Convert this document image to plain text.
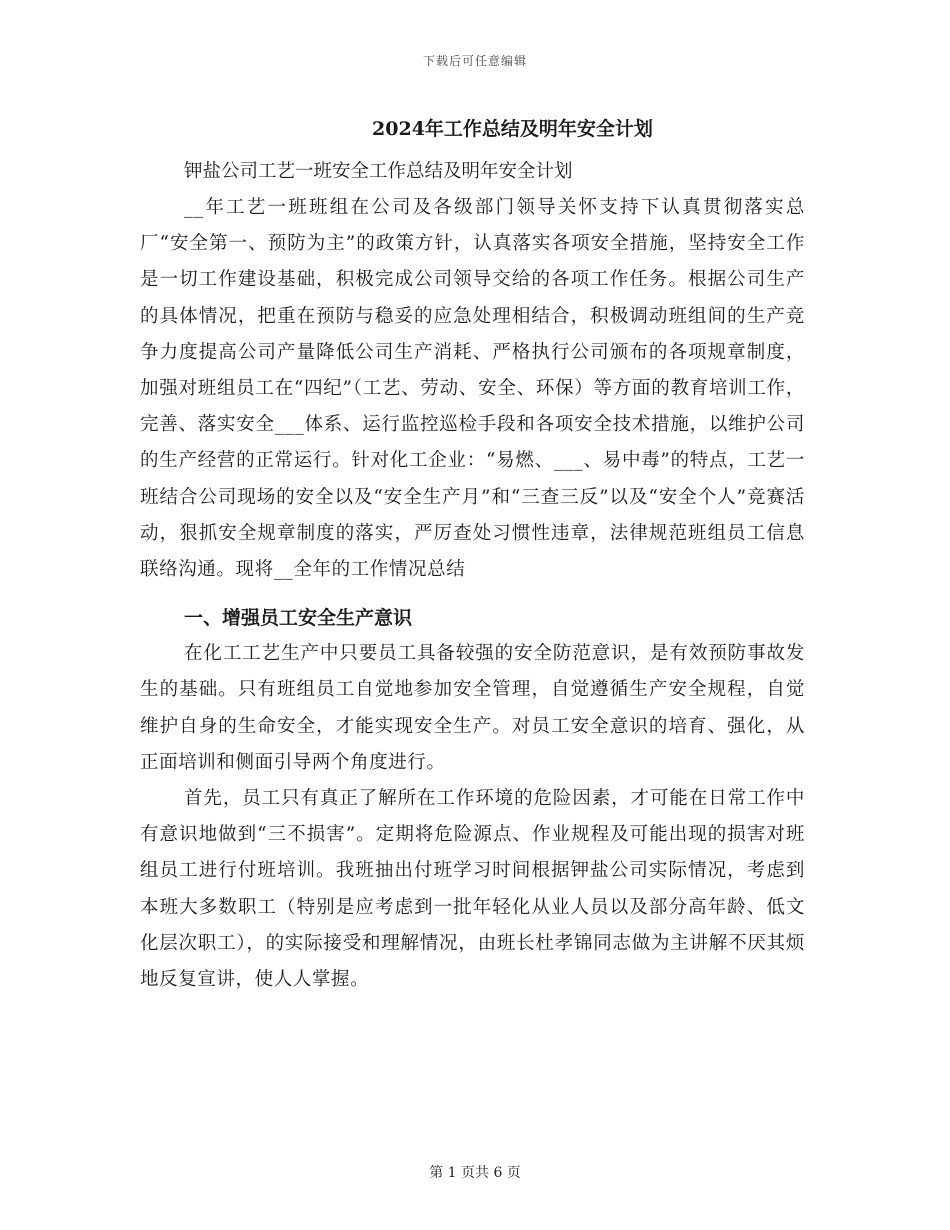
下载后可任意编辑
2024年工作总结及明年安全计划

钾盐公司工艺一班安全工作总结及明年安全计划

__年工艺一班班组在公司及各级部门领导关怀支持下认真贯彻落实总厂“安全第一、预防为主”的政策方针，认真落实各项安全措施，坚持安全工作是一切工作建设基础，积极完成公司领导交给的各项工作任务。根据公司生产的具体情况，把重在预防与稳妥的应急处理相结合，积极调动班组间的生产竞争力度提高公司产量降低公司生产消耗、严格执行公司颁布的各项规章制度，加强对班组员工在“四纪”（工艺、劳动、安全、环保）等方面的教育培训工作，完善、落实安全___体系、运行监控巡检手段和各项安全技术措施，以维护公司的生产经营的正常运行。针对化工企业：“易燃、___、易中毒”的特点，工艺一班结合公司现场的安全以及“安全生产月”和“三查三反”以及“安全个人”竞赛活动，狠抓安全规章制度的落实，严厉查处习惯性违章，法律规范班组员工信息联络沟通。现将__全年的工作情况总结

一、增强员工安全生产意识

在化工工艺生产中只要员工具备较强的安全防范意识，是有效预防事故发生的基础。只有班组员工自觉地参加安全管理，自觉遵循生产安全规程，自觉维护自身的生命安全，才能实现安全生产。对员工安全意识的培育、强化，从正面培训和侧面引导两个角度进行。

首先，员工只有真正了解所在工作环境的危险因素，才可能在日常工作中有意识地做到“三不损害”。定期将危险源点、作业规程及可能出现的损害对班组员工进行付班培训。我班抽出付班学习时间根据钾盐公司实际情况，考虑到本班大多数职工（特别是应考虑到一批年轻化从业人员以及部分高年龄、低文化层次职工），的实际接受和理解情况，由班长杜孝锦同志做为主讲解不厌其烦地反复宣讲，使人人掌握。

第 1 页共 6 页
